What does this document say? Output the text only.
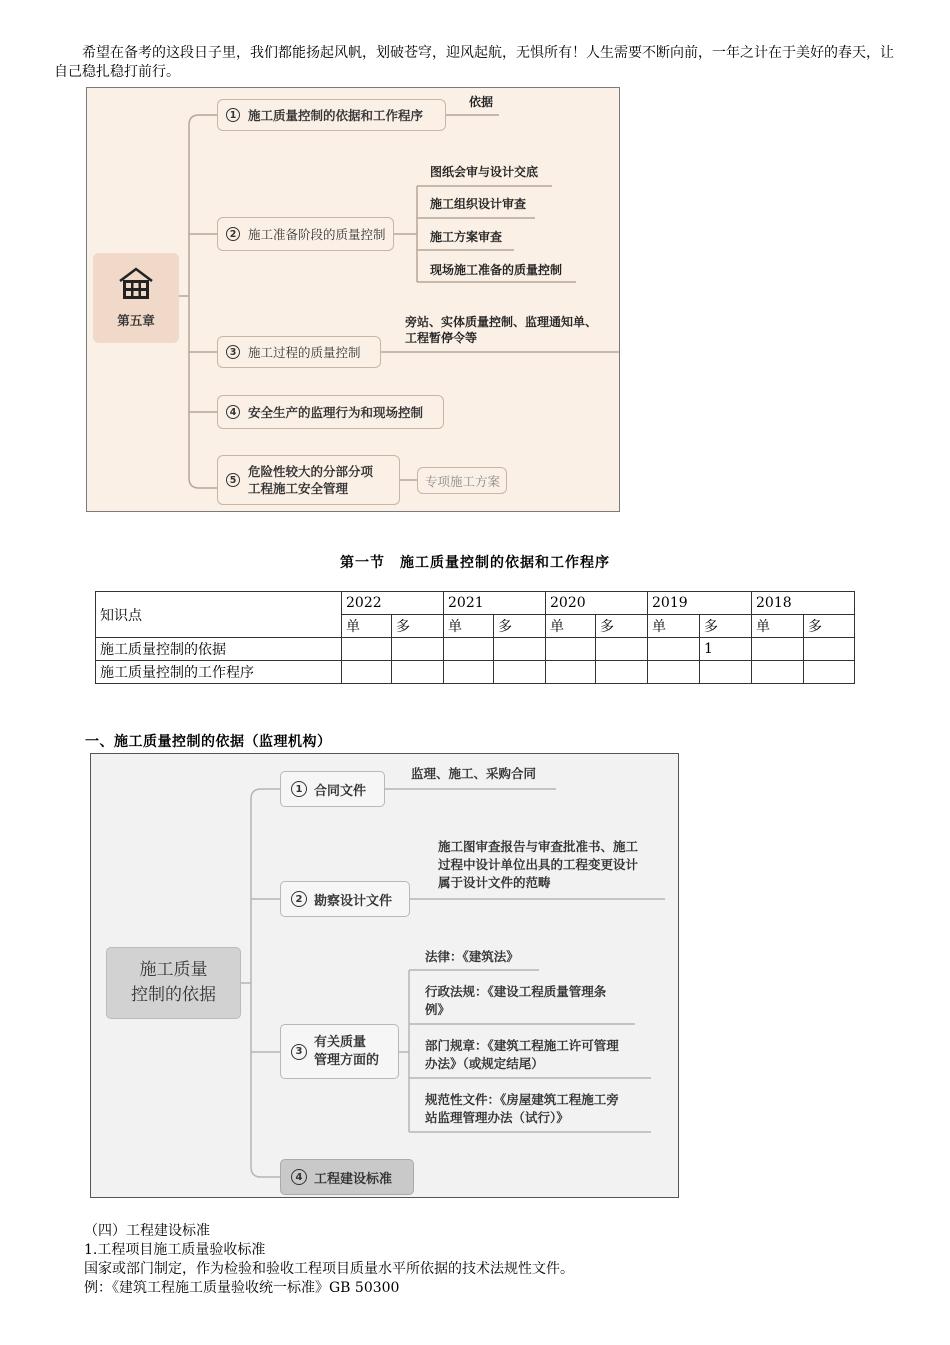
希望在备考的这段日子里，我们都能扬起风帆，划破苍穹，迎风起航，无惧所有！人生需要不断向前，一年之计在于美好的春天，让自己稳扎稳打前行。

第五章
1 施工质量控制的依据和工作程序
依据
2 施工准备阶段的质量控制
图纸会审与设计交底
施工组织设计审查
施工方案审查
现场施工准备的质量控制
3 施工过程的质量控制
旁站、实体质量控制、监理通知单、
工程暂停令等
4 安全生产的监理行为和现场控制
5
危险性较大的分部分项
工程施工安全管理	专项施工方案
第一节　施工质量控制的依据和工作程序
知识点	2022		2021		2020		2019		2018	
	单	多	单	多	单	多	单	多	单	多
施工质量控制的依据								1		
施工质量控制的工作程序										
一、施工质量控制的依据（监理机构）
施工质量
控制的依据
1 合同文件
监理、施工、采购合同
2 勘察设计文件
施工图审查报告与审查批准书、施工
过程中设计单位出具的工程变更设计
属于设计文件的范畴
3
有关质量
管理方面的
法律：《建筑法》
行政法规：《建设工程质量管理条
例》
部门规章：《建筑工程施工许可管理
办法》（或规定结尾）
规范性文件：《房屋建筑工程施工旁
站监理管理办法（试行）》
4 工程建设标准
（四）工程建设标准
1.工程项目施工质量验收标准
国家或部门制定，作为检验和验收工程项目质量水平所依据的技术法规性文件。
例：《建筑工程施工质量验收统一标准》GB 50300
